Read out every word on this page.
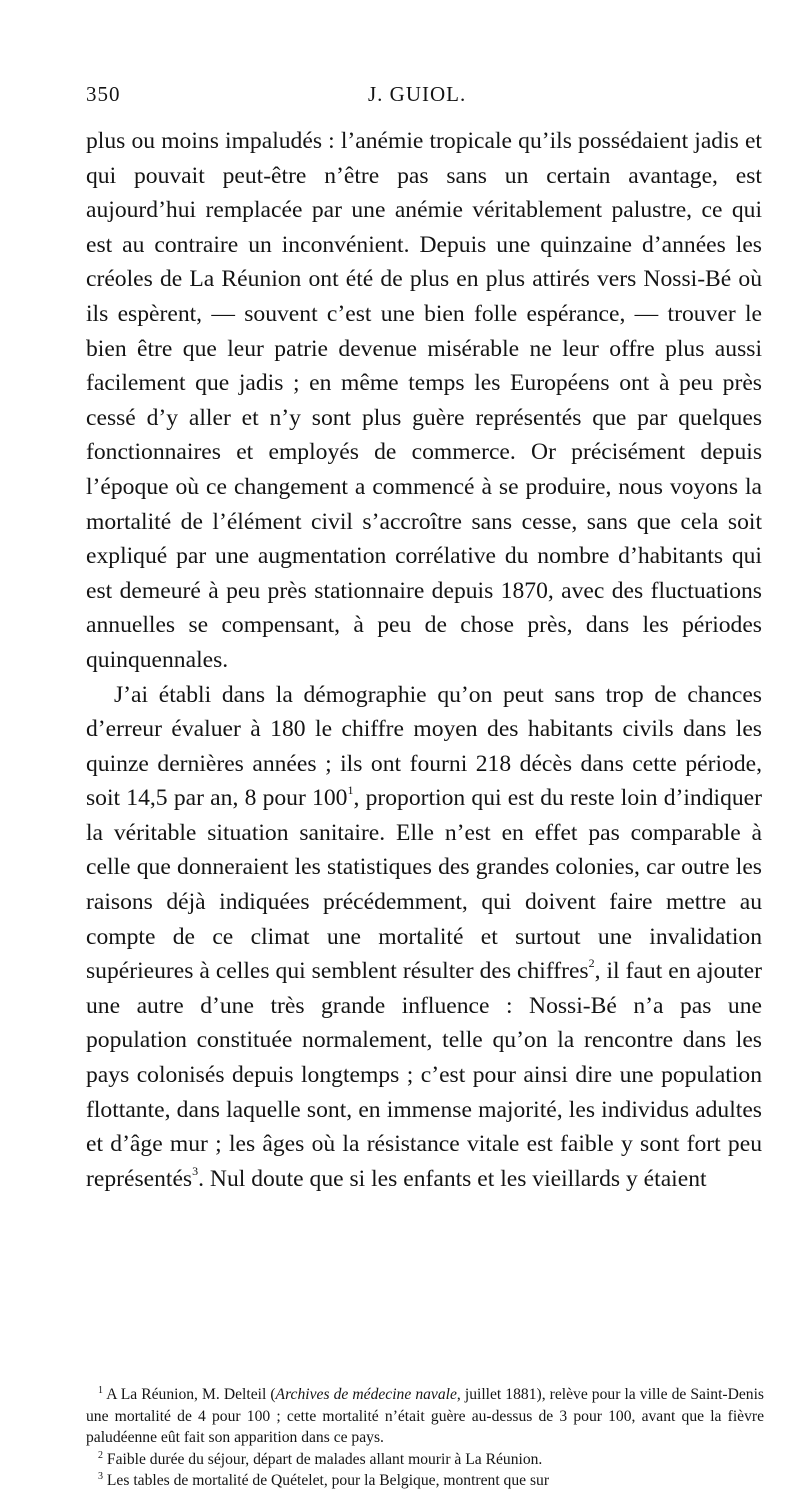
350	J. GUIOL.

plus ou moins impaludés : l’anémie tropicale qu’ils possédaient jadis et qui pouvait peut-être n’être pas sans un certain avantage, est aujourd’hui remplacée par une anémie véritablement palustre, ce qui est au contraire un inconvénient. Depuis une quinzaine d’années les créoles de La Réunion ont été de plus en plus attirés vers Nossi-Bé où ils espèrent, — souvent c’est une bien folle espérance, — trouver le bien être que leur patrie devenue misérable ne leur offre plus aussi facilement que jadis ; en même temps les Européens ont à peu près cessé d’y aller et n’y sont plus guère représentés que par quelques fonctionnaires et employés de commerce. Or précisément depuis l’époque où ce changement a commencé à se produire, nous voyons la mortalité de l’élément civil s’accroître sans cesse, sans que cela soit expliqué par une augmentation corrélative du nombre d’habitants qui est demeuré à peu près stationnaire depuis 1870, avec des fluctuations annuelles se compensant, à peu de chose près, dans les périodes quinquennales.

J’ai établi dans la démographie qu’on peut sans trop de chances d’erreur évaluer à 180 le chiffre moyen des habitants civils dans les quinze dernières années ; ils ont fourni 218 décès dans cette période, soit 14,5 par an, 8 pour $100^1$, proportion qui est du reste loin d’indiquer la véritable situation sanitaire. Elle n’est en effet pas comparable à celle que donneraient les statistiques des grandes colonies, car outre les raisons déjà indiquées précédemment, qui doivent faire mettre au compte de ce climat une mortalité et surtout une invalidation supérieures à celles qui semblent résulter des chiffres$^2$, il faut en ajouter une autre d’une très grande influence : Nossi-Bé n’a pas une population constituée normalement, telle qu’on la rencontre dans les pays colonisés depuis longtemps ; c’est pour ainsi dire une population flottante, dans laquelle sont, en immense majorité, les individus adultes et d’âge mur ; les âges où la résistance vitale est faible y sont fort peu représentés$^3$. Nul doute que si les enfants et les vieillards y étaient

$^1$ A La Réunion, M. Delteil (Archives de médecine navale, juillet 1881), relève pour la ville de Saint-Denis une mortalité de 4 pour 100 ; cette mortalité n’était guère au-dessus de 3 pour 100, avant que la fièvre paludéenne eût fait son apparition dans ce pays.

$^2$ Faible durée du séjour, départ de malades allant mourir à La Réunion.

$^3$ Les tables de mortalité de Quételet, pour la Belgique, montrent que sur
